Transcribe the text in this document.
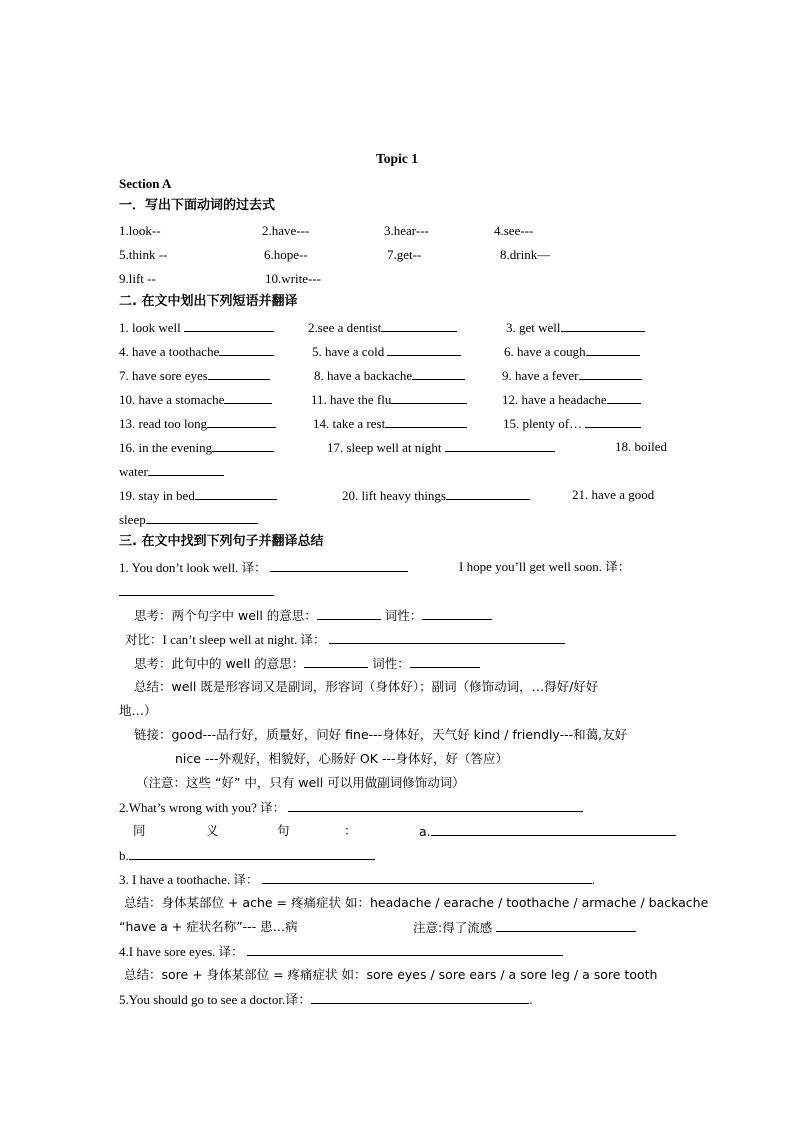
Topic 1
Section A
一．写出下面动词的过去式
1.look--	2.have---	3.hear---	4.see---
5.think --	6.hope--	7.get--	8.drink—
9.lift --	10.write---
二. 在文中划出下列短语并翻译
1. look well	2.see a dentist	3. get well
4. have a toothache	5. have a cold	6. have a cough
7. have sore eyes	8. have a backache	9. have a fever
10. have a stomache	11. have the flu	12. have a headache
13. read too long	14. take a rest	15. plenty of…
16. in the evening	17. sleep well at night	18. boiled
water
19. stay in bed	20. lift heavy things	21. have a good
sleep
三. 在文中找到下列句子并翻译总结
1. You don’t look well. 译：	I hope you’ll get well soon. 译：
思考：两个句字中 well 的意思：	词性：
对比：I can’t sleep well at night. 译：
思考：此句中的 well 的意思：	词性：
总结：well 既是形容词又是副词，形容词（身体好）；副词（修饰动词，…得好/好好
地…）
链接：good---品行好，质量好，问好 fine---身体好，天气好 kind / friendly---和蔼,友好
nice ---外观好，相貌好，心肠好 OK ---身体好，好（答应）
（注意：这些 “好” 中，只有 well 可以用做副词修饰动词）
2.What’s wrong with you? 译：
同	义	句	：	a.
b.
3. I have a toothache. 译：	.
总结：身体某部位 + ache = 疼痛症状 如：headache / earache / toothache / armache / backache
“have a + 症状名称”--- 患…病	注意:得了流感
4.I have sore eyes. 译：
总结：sore + 身体某部位 = 疼痛症状 如：sore eyes / sore ears / a sore leg / a sore tooth
5.You should go to see a doctor.译：	.
